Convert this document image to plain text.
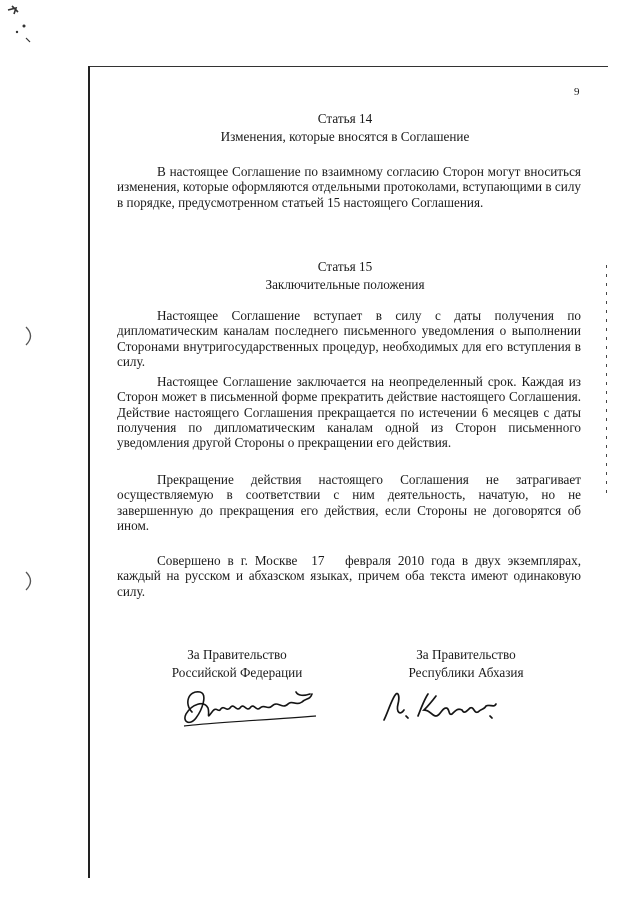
9
Статья 14
Изменения, которые вносятся в Соглашение

В настоящее Соглашение по взаимному согласию Сторон могут вноситься изменения, которые оформляются отдельными протоколами, вступающими в силу в порядке, предусмотренном статьей 15 настоящего Соглашения.

Статья 15
Заключительные положения

Настоящее Соглашение вступает в силу с даты получения по дипломатическим каналам последнего письменного уведомления о выполнении Сторонами внутригосударственных процедур, необходимых для его вступления в силу.

Настоящее Соглашение заключается на неопределенный срок. Каждая из Сторон может в письменной форме прекратить действие настоящего Соглашения. Действие настоящего Соглашения прекращается по истечении 6 месяцев с даты получения по дипломатическим каналам одной из Сторон письменного уведомления другой Стороны о прекращении его действия.

Прекращение действия настоящего Соглашения не затрагивает осуществляемую в соответствии с ним деятельность, начатую, но не завершенную до прекращения его действия, если Стороны не договорятся об ином.

Совершено в г. Москве  17   февраля 2010 года в двух экземплярах, каждый на русском и абхазском языках, причем оба текста имеют одинаковую силу.

За Правительство
Российской Федерации
За Правительство
Республики Абхазия
